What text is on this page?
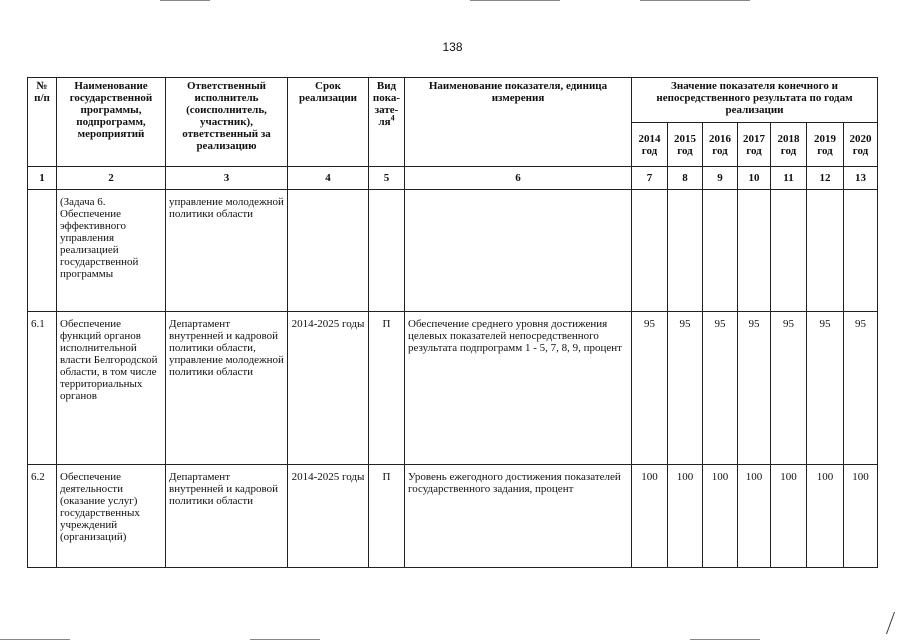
138
№ п/п	Наименование государственной программы, подпрограмм, мероприятий	Ответственный исполнитель (соисполнитель, участник), ответственный за реализацию	Срок реализации	Вид пока-$зате-ля^4$	Наименование показателя, единица измерения	Значение показателя конечного и непосредственного результата по годам реализации						
						2014 год	2015 год	2016 год	2017 год	2018 год	2019 год	2020 год
1	2	3	4	5	6	7	8	9	10	11	12	13
	(Задача 6. Обеспечение эффективного управления реализацией государственной программы	управление молодежной политики области										
6.1	Обеспечение функций органов исполнительной власти Белгородской области, в том числе территориальных органов	Департамент внутренней и кадровой политики области, управление молодежной политики области	2014-2025 годы	П	Обеспечение среднего уровня достижения целевых показателей непосредственного результата подпрограмм 1 - 5, 7, 8, 9, процент	95	95	95	95	95	95	95
6.2	Обеспечение деятельности (оказание услуг) государственных учреждений (организаций)	Департамент внутренней и кадровой политики области	2014-2025 годы	П	Уровень ежегодного достижения показателей государственного задания, процент	100	100	100	100	100	100	100
